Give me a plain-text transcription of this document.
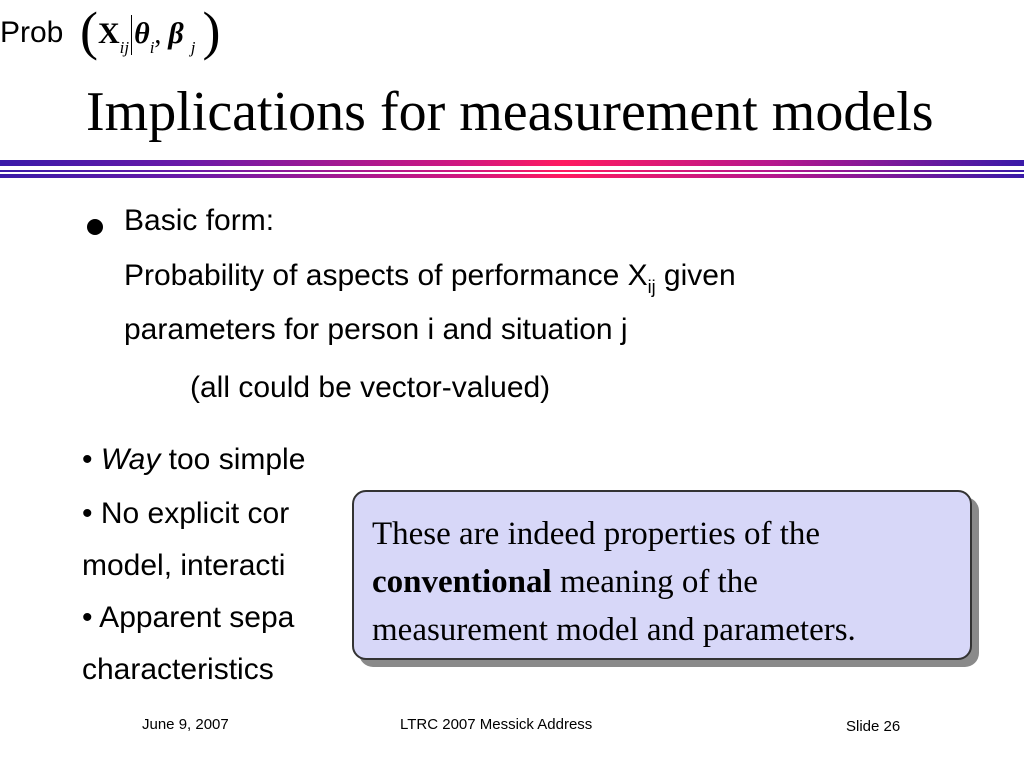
Implications for measurement models
Basic form:
Prob ($X_{ij}$ $\theta_i$, β $_j$ )
Probability of aspects of performance $X_{ij}$ given
parameters for person i and situation j
(all could be vector-valued)
• Way too simple
• No explicit cor
model, interacti
• Apparent sepa
characteristics
These are indeed properties of the
conventional meaning of the
measurement model and parameters.
June 9, 2007	LTRC 2007 Messick Address	Slide 26
